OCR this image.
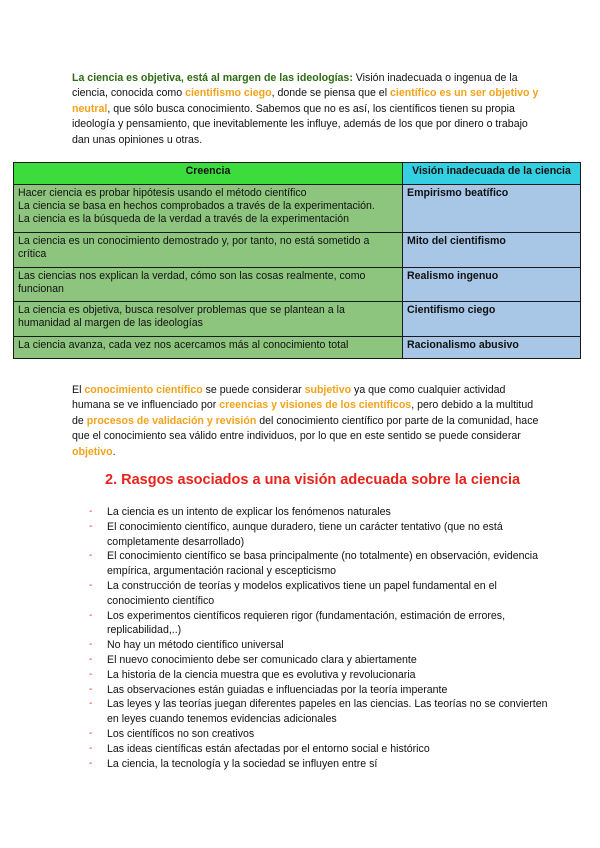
La ciencia es objetiva, está al margen de las ideologías: Visión inadecuada o ingenua de la ciencia, conocida como cientifismo ciego, donde se piensa que el científico es un ser objetivo y neutral, que sólo busca conocimiento. Sabemos que no es así, los científicos tienen su propia ideología y pensamiento, que inevitablemente les influye, además de los que por dinero o trabajo dan unas opiniones u otras.

Creencia	Visión inadecuada de la ciencia

Hacer ciencia es probar hipótesis usando el método científico
La ciencia se basa en hechos comprobados a través de la experimentación.
La ciencia es la búsqueda de la verdad a través de la experimentación	Empirismo beatífico

La ciencia es un conocimiento demostrado y, por tanto, no está sometido a crítica	Mito del cientifismo

Las ciencias nos explican la verdad, cómo son las cosas realmente, como funcionan	Realismo ingenuo

La ciencia es objetiva, busca resolver problemas que se plantean a la humanidad al margen de las ideologías	Cientifismo ciego

La ciencia avanza, cada vez nos acercamos más al conocimiento total	Racionalismo abusivo

El conocimiento científico se puede considerar subjetivo ya que como cualquier actividad humana se ve influenciado por creencias y visiones de los científicos, pero debido a la multitud de procesos de validación y revisión del conocimiento científico por parte de la comunidad, hace que el conocimiento sea válido entre individuos, por lo que en este sentido se puede considerar objetivo.

2. Rasgos asociados a una visión adecuada sobre la ciencia
- La ciencia es un intento de explicar los fenómenos naturales
- El conocimiento científico, aunque duradero, tiene un carácter tentativo (que no está completamente desarrollado)
- El conocimiento científico se basa principalmente (no totalmente) en observación, evidencia empírica, argumentación racional y escepticismo
- La construcción de teorías y modelos explicativos tiene un papel fundamental en el conocimiento científico
- Los experimentos científicos requieren rigor (fundamentación, estimación de errores, replicabilidad,..)
- No hay un método científico universal
- El nuevo conocimiento debe ser comunicado clara y abiertamente
- La historia de la ciencia muestra que es evolutiva y revolucionaria
- Las observaciones están guiadas e influenciadas por la teoría imperante
- Las leyes y las teorías juegan diferentes papeles en las ciencias. Las teorías no se convierten en leyes cuando tenemos evidencias adicionales
- Los científicos no son creativos
- Las ideas científicas están afectadas por el entorno social e histórico
- La ciencia, la tecnología y la sociedad se influyen entre sí
